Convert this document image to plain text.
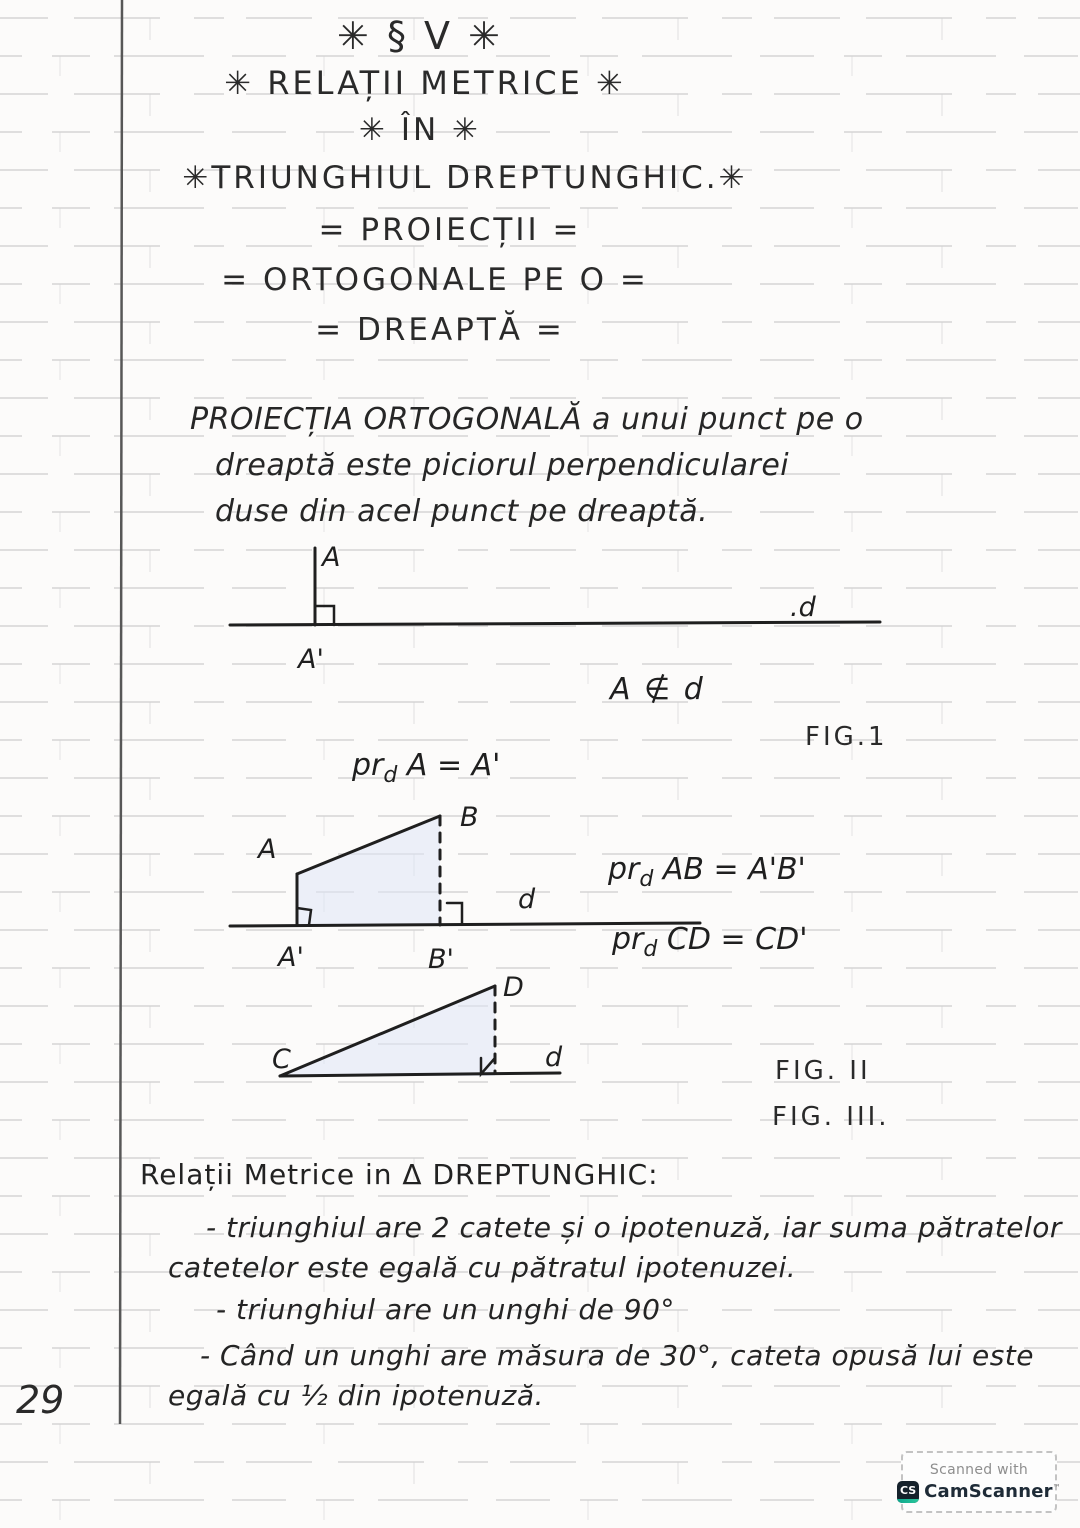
✳ § V ✳
✳ RELAȚII METRICE ✳
✳ ÎN ✳
✳TRIUNGHIUL DREPTUNGHIC.✳
= PROIECȚII =
= ORTOGONALE PE O =
= DREAPTĂ =
PROIECȚIA ORTOGONALĂ a unui punct pe o
dreaptă este piciorul perpendicularei
duse din acel punct pe dreaptă.
A
A'
.d
A
B
A'	B'
d
C
D
d
A ∉ d
FIG.1
$pr_d$ A = A'
$pr_d$ AB = A'B'
$pr_d$ CD = CD'
FIG. II
FIG. III.
Relații Metrice in Δ DREPTUNGHIC:
- triunghiul are 2 catete și o ipotenuză, iar suma pătratelor catetelor este egală cu pătratul ipotenuzei.
- triunghiul are un unghi de 90°
- Când un unghi are măsura de 30°, cateta opusă lui este egală cu ½ din ipotenuză.
29
Scanned with
CS CamScanner™
